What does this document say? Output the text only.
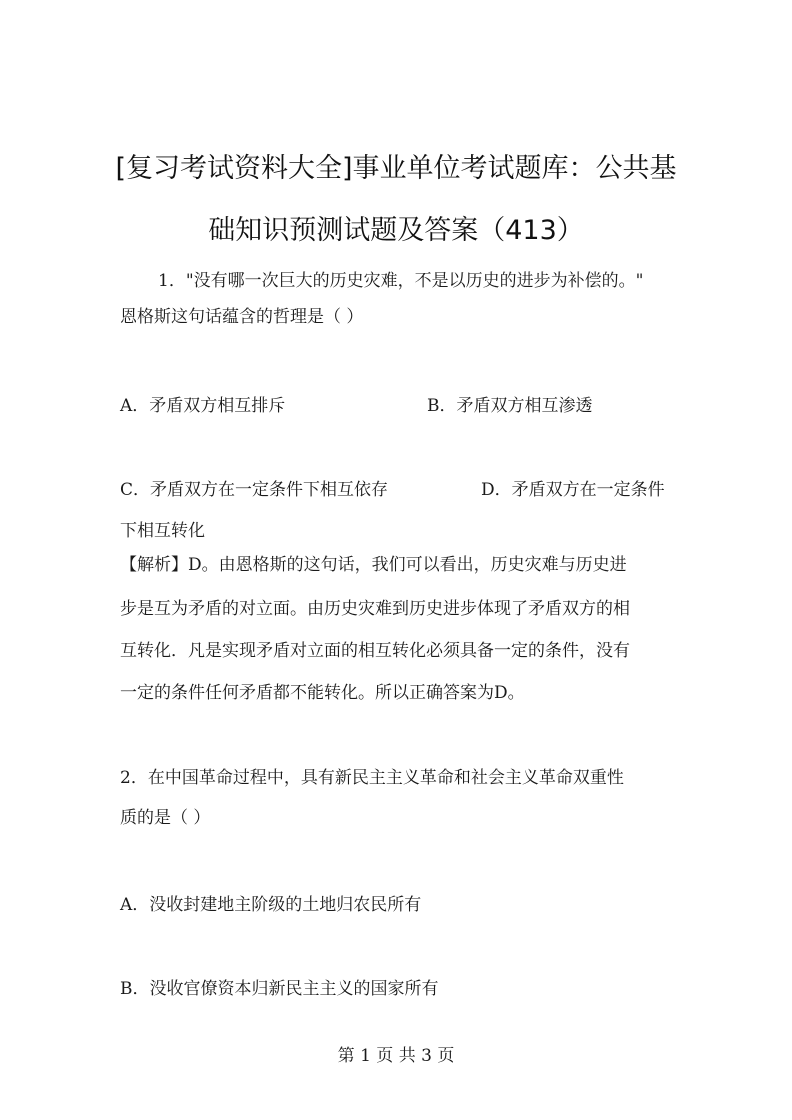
[复习考试资料大全]事业单位考试题库：公共基
础知识预测试题及答案（413）
1．"没有哪一次巨大的历史灾难，不是以历史的进步为补偿的。"
恩格斯这句话蕴含的哲理是（ ）
A．矛盾双方相互排斥	B．矛盾双方相互渗透
C．矛盾双方在一定条件下相互依存	D．矛盾双方在一定条件
下相互转化
【解析】D。由恩格斯的这句话，我们可以看出，历史灾难与历史进
步是互为矛盾的对立面。由历史灾难到历史进步体现了矛盾双方的相
互转化．凡是实现矛盾对立面的相互转化必须具备一定的条件，没有
一定的条件任何矛盾都不能转化。所以正确答案为D。
2．在中国革命过程中，具有新民主主义革命和社会主义革命双重性
质的是（ ）
A．没收封建地主阶级的土地归农民所有
B．没收官僚资本归新民主主义的国家所有
第 1 页 共 3 页
